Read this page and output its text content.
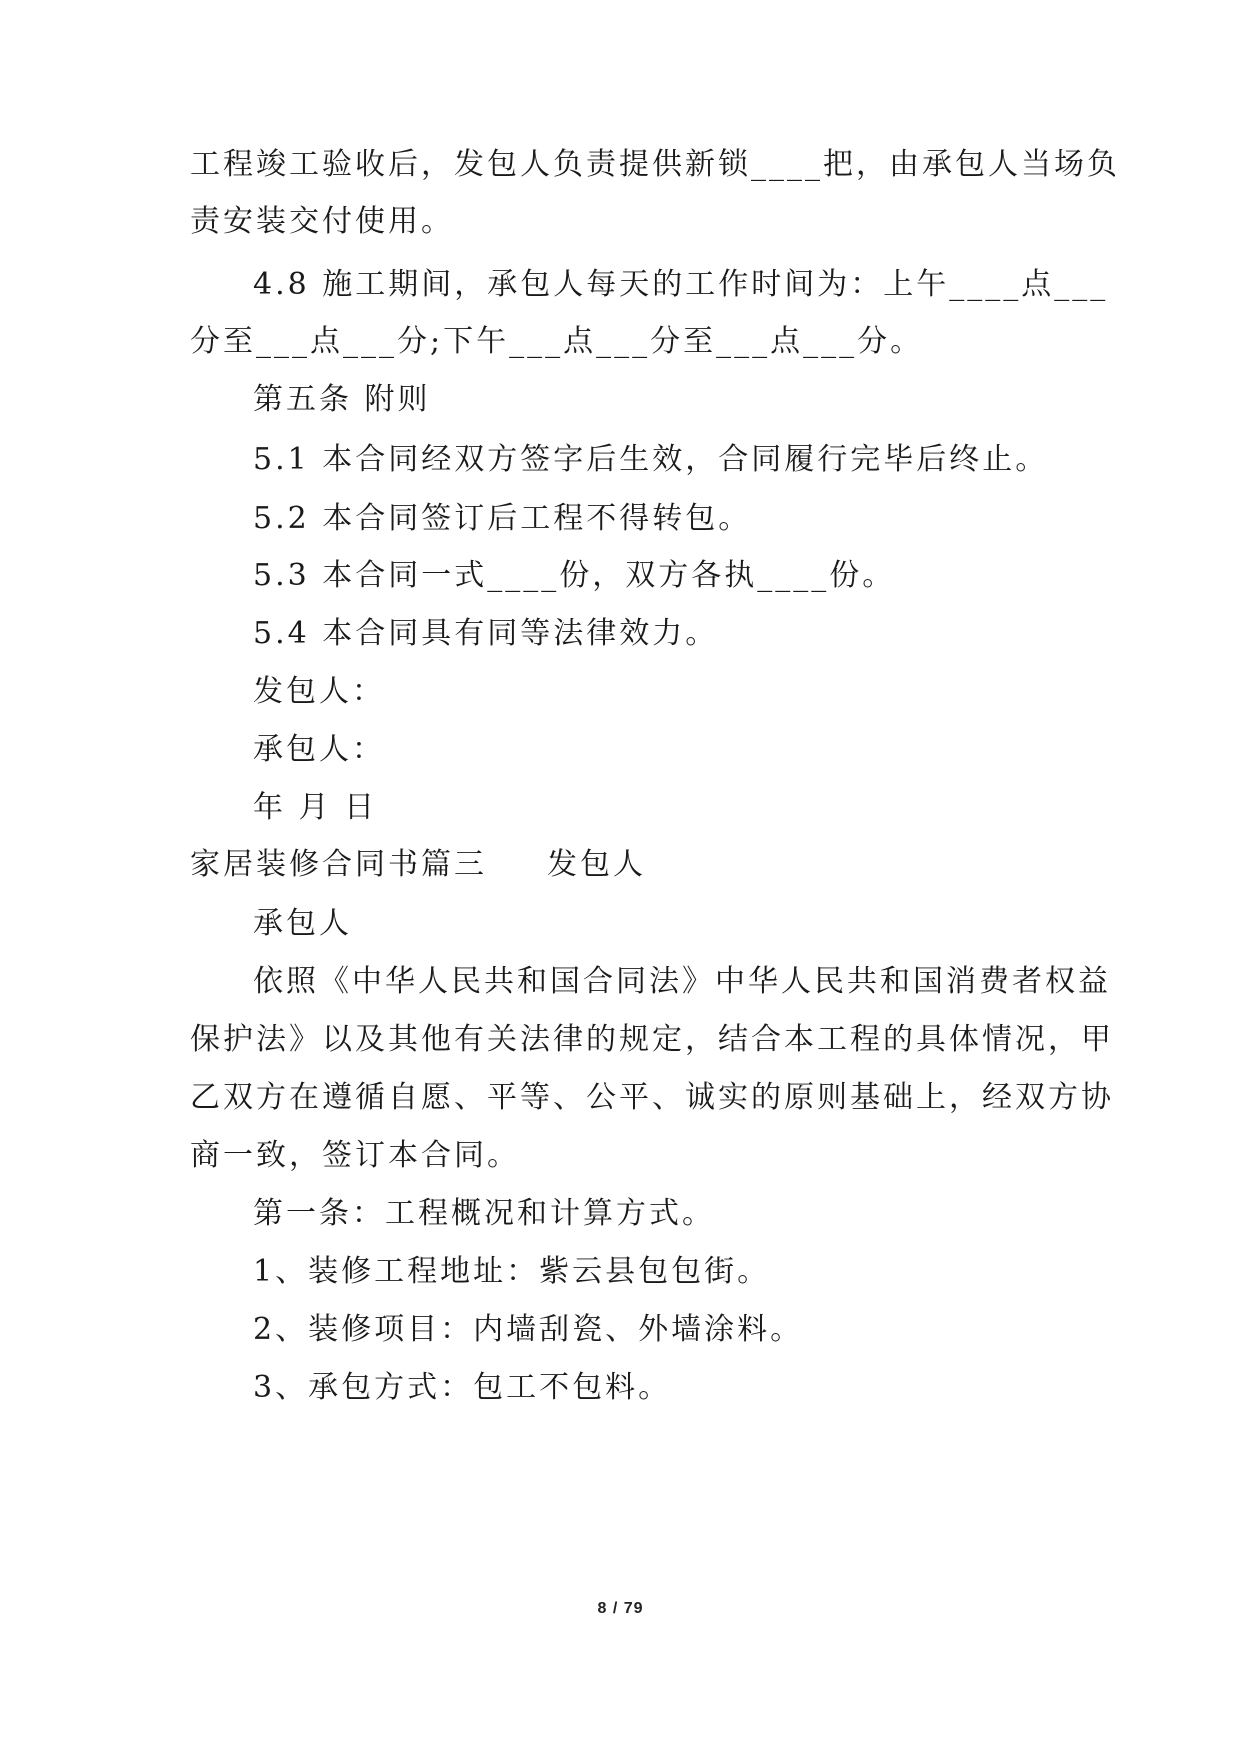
工程竣工验收后，发包人负责提供新锁____把，由承包人当场负
责安装交付使用。
4.8 施工期间，承包人每天的工作时间为：上午____点___
分至___点___分;下午___点___分至___点___分。
第五条 附则
5.1 本合同经双方签字后生效，合同履行完毕后终止。
5.2 本合同签订后工程不得转包。
5.3 本合同一式____份，双方各执____份。
5.4 本合同具有同等法律效力。
发包人：
承包人：
年 月 日
家居装修合同书篇三 发包人
承包人
依照《中华人民共和国合同法》中华人民共和国消费者权益
保护法》以及其他有关法律的规定，结合本工程的具体情况，甲
乙双方在遵循自愿、平等、公平、诚实的原则基础上，经双方协
商一致，签订本合同。
第一条：工程概况和计算方式。
1、装修工程地址：紫云县包包街。
2、装修项目：内墙刮瓷、外墙涂料。
3、承包方式：包工不包料。
8 / 79
